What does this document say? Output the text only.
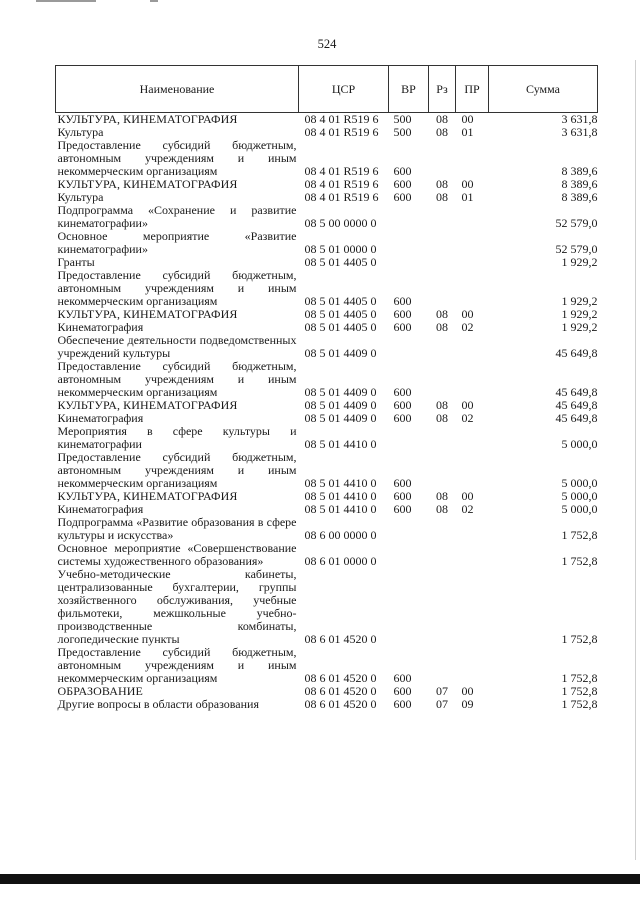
524
Наименование	ЦСР	ВР	Рз	ПР	Сумма
КУЛЬТУРА, КИНЕМАТОГРАФИЯ	08 4 01 R519 6	500	08	00	3 631,8
Культура	08 4 01 R519 6	500	08	01	3 631,8
Предоставление субсидий бюджетным, автономным учреждениям и иным некоммерческим организациям	08 4 01 R519 6	600			8 389,6
КУЛЬТУРА, КИНЕМАТОГРАФИЯ	08 4 01 R519 6	600	08	00	8 389,6
Культура	08 4 01 R519 6	600	08	01	8 389,6
Подпрограмма «Сохранение и развитие кинематографии»	08 5 00 0000 0				52 579,0
Основное мероприятие «Развитие кинематографии»	08 5 01 0000 0				52 579,0
Гранты	08 5 01 4405 0				1 929,2
Предоставление субсидий бюджетным, автономным учреждениям и иным некоммерческим организациям	08 5 01 4405 0	600			1 929,2
КУЛЬТУРА, КИНЕМАТОГРАФИЯ	08 5 01 4405 0	600	08	00	1 929,2
Кинематография	08 5 01 4405 0	600	08	02	1 929,2
Обеспечение деятельности подведомственных учреждений культуры	08 5 01 4409 0				45 649,8
Предоставление субсидий бюджетным, автономным учреждениям и иным некоммерческим организациям	08 5 01 4409 0	600			45 649,8
КУЛЬТУРА, КИНЕМАТОГРАФИЯ	08 5 01 4409 0	600	08	00	45 649,8
Кинематография	08 5 01 4409 0	600	08	02	45 649,8
Мероприятия в сфере культуры и кинематографии	08 5 01 4410 0				5 000,0
Предоставление субсидий бюджетным, автономным учреждениям и иным некоммерческим организациям	08 5 01 4410 0	600			5 000,0
КУЛЬТУРА, КИНЕМАТОГРАФИЯ	08 5 01 4410 0	600	08	00	5 000,0
Кинематография	08 5 01 4410 0	600	08	02	5 000,0
Подпрограмма «Развитие образования в сфере культуры и искусства»	08 6 00 0000 0				1 752,8
Основное мероприятие «Совершенствование системы художественного образования»	08 6 01 0000 0				1 752,8
Учебно-методические кабинеты, централизованные бухгалтерии, группы хозяйственного обслуживания, учебные фильмотеки, межшкольные учебно-производственные комбинаты, логопедические пункты	08 6 01 4520 0				1 752,8
Предоставление субсидий бюджетным, автономным учреждениям и иным некоммерческим организациям	08 6 01 4520 0	600			1 752,8
ОБРАЗОВАНИЕ	08 6 01 4520 0	600	07	00	1 752,8
Другие вопросы в области образования	08 6 01 4520 0	600	07	09	1 752,8
